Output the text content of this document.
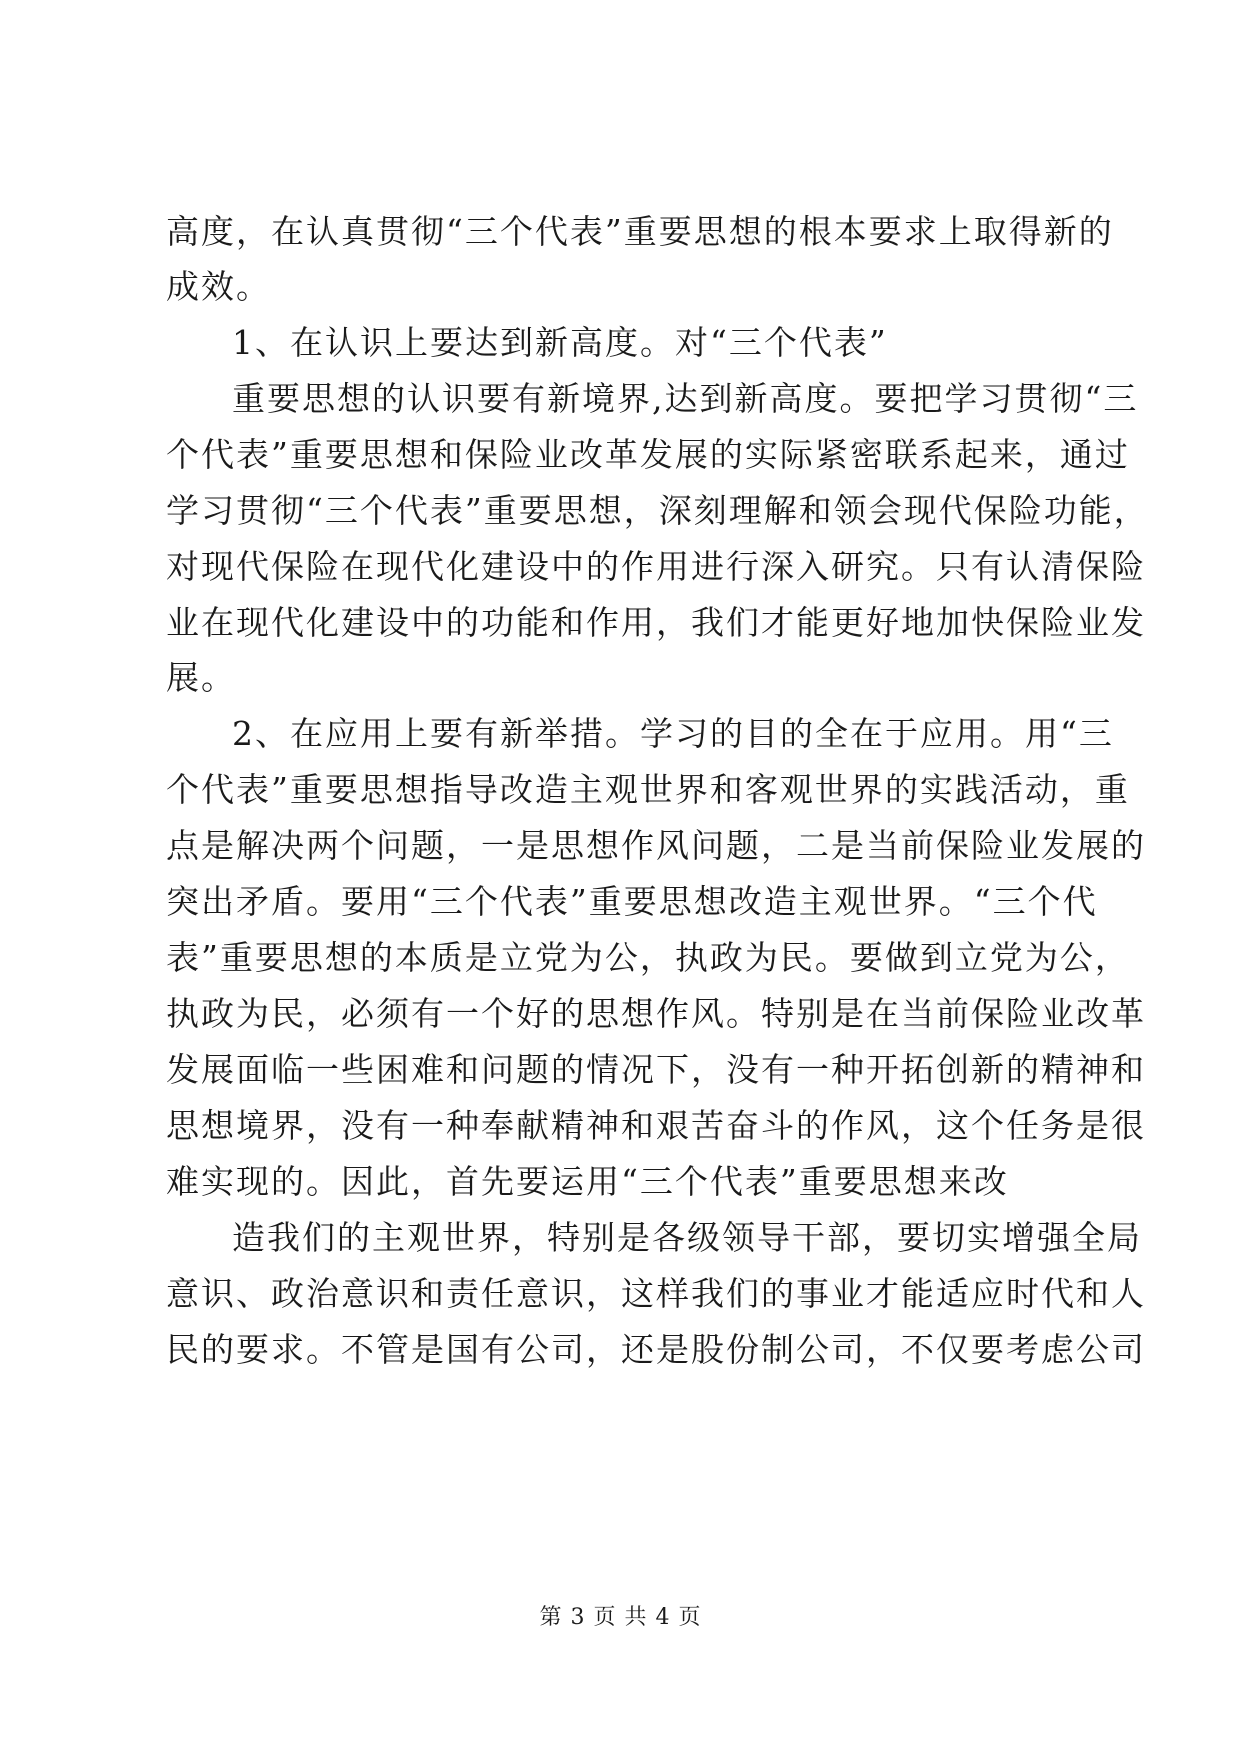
高度，在认真贯彻“三个代表”重要思想的根本要求上取得新的
成效。
1、在认识上要达到新高度。对“三个代表”
重要思想的认识要有新境界,达到新高度。要把学习贯彻“三
个代表”重要思想和保险业改革发展的实际紧密联系起来，通过
学习贯彻“三个代表”重要思想，深刻理解和领会现代保险功能，
对现代保险在现代化建设中的作用进行深入研究。只有认清保险
业在现代化建设中的功能和作用，我们才能更好地加快保险业发
展。
2、在应用上要有新举措。学习的目的全在于应用。用“三
个代表”重要思想指导改造主观世界和客观世界的实践活动，重
点是解决两个问题，一是思想作风问题，二是当前保险业发展的
突出矛盾。要用“三个代表”重要思想改造主观世界。“三个代
表”重要思想的本质是立党为公，执政为民。要做到立党为公，
执政为民，必须有一个好的思想作风。特别是在当前保险业改革
发展面临一些困难和问题的情况下，没有一种开拓创新的精神和
思想境界，没有一种奉献精神和艰苦奋斗的作风，这个任务是很
难实现的。因此，首先要运用“三个代表”重要思想来改
造我们的主观世界，特别是各级领导干部，要切实增强全局
意识、政治意识和责任意识，这样我们的事业才能适应时代和人
民的要求。不管是国有公司，还是股份制公司，不仅要考虑公司
第 3 页 共 4 页
